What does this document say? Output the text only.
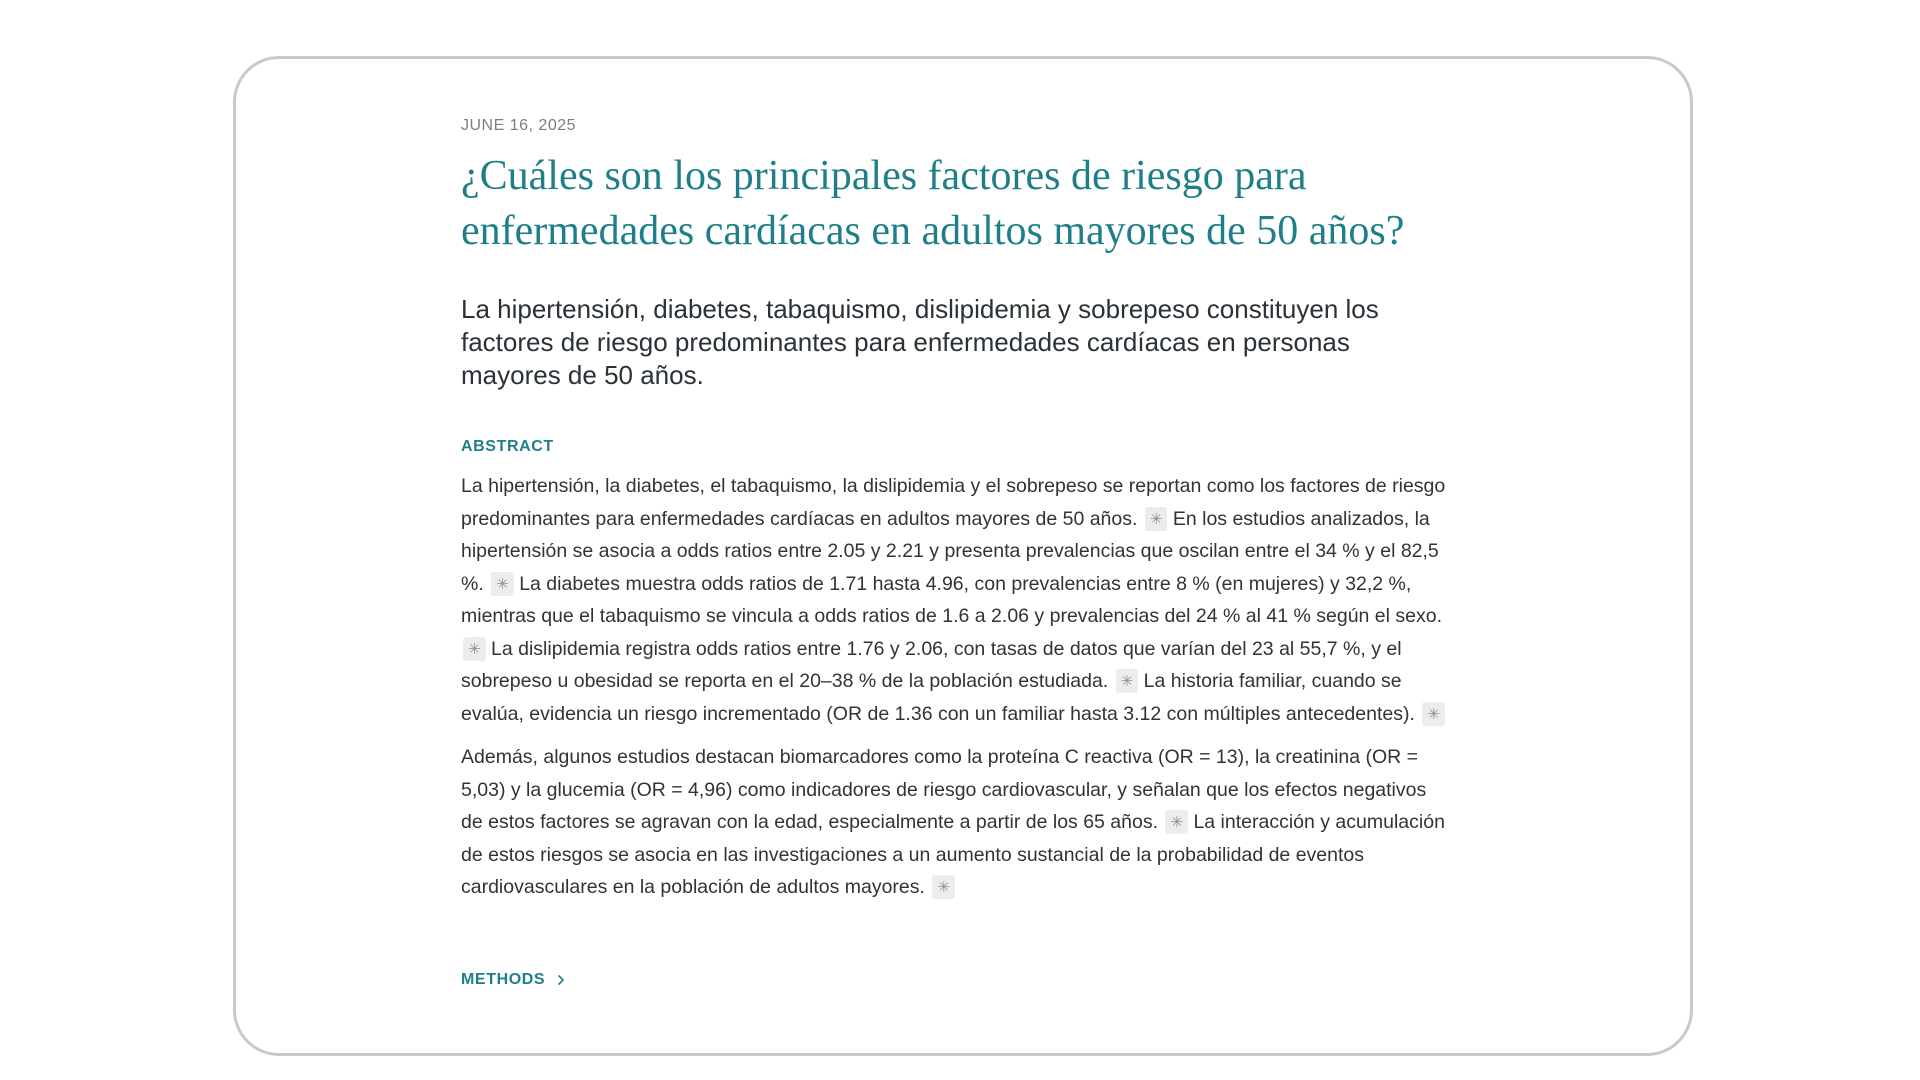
JUNE 16, 2025
¿Cuáles son los principales factores de riesgo para enfermedades cardíacas en adultos mayores de 50 años?
La hipertensión, diabetes, tabaquismo, dislipidemia y sobrepeso constituyen los factores de riesgo predominantes para enfermedades cardíacas en personas mayores de 50 años.
ABSTRACT

La hipertensión, la diabetes, el tabaquismo, la dislipidemia y el sobrepeso se reportan como los factores de riesgo predominantes para enfermedades cardíacas en adultos mayores de 50 años. ✳ En los estudios analizados, la hipertensión se asocia a odds ratios entre 2.05 y 2.21 y presenta prevalencias que oscilan entre el 34 % y el 82,5 %. ✳ La diabetes muestra odds ratios de 1.71 hasta 4.96, con prevalencias entre 8 % (en mujeres) y 32,2 %, mientras que el tabaquismo se vincula a odds ratios de 1.6 a 2.06 y prevalencias del 24 % al 41 % según el sexo. ✳ La dislipidemia registra odds ratios entre 1.76 y 2.06, con tasas de datos que varían del 23 al 55,7 %, y el sobrepeso u obesidad se reporta en el 20–38 % de la población estudiada. ✳ La historia familiar, cuando se evalúa, evidencia un riesgo incrementado (OR de 1.36 con un familiar hasta 3.12 con múltiples antecedentes). ✳

Además, algunos estudios destacan biomarcadores como la proteína C reactiva (OR = 13), la creatinina (OR = 5,03) y la glucemia (OR = 4,96) como indicadores de riesgo cardiovascular, y señalan que los efectos negativos de estos factores se agravan con la edad, especialmente a partir de los 65 años. ✳ La interacción y acumulación de estos riesgos se asocia en las investigaciones a un aumento sustancial de la probabilidad de eventos cardiovasculares en la población de adultos mayores. ✳

METHODS
